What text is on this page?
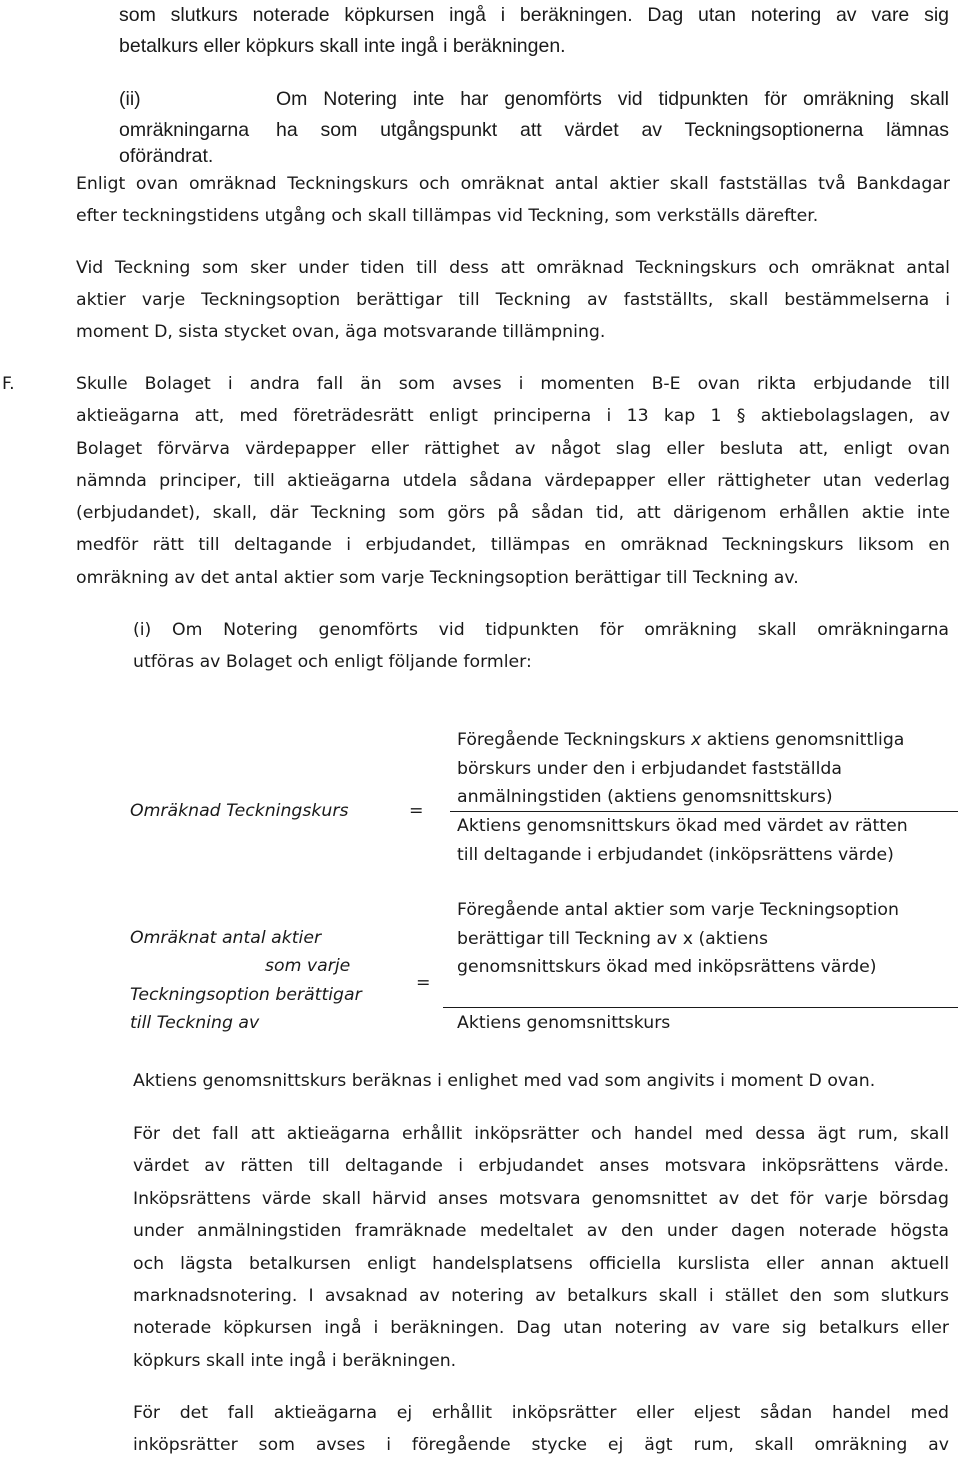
som slutkurs noterade köpkursen ingå i beräkningen. Dag utan notering av vare sig
betalkurs eller köpkurs skall inte ingå i beräkningen.
(ii)	Om Notering inte har genomförts vid tidpunkten för omräkning skall
omräkningarna ha som utgångspunkt att värdet av Teckningsoptionerna lämnas
oförändrat.
Enligt ovan omräknad Teckningskurs och omräknat antal aktier skall fastställas två Bankdagar
efter teckningstidens utgång och skall tillämpas vid Teckning, som verkställs därefter.
Vid Teckning som sker under tiden till dess att omräknad Teckningskurs och omräknat antal
aktier varje Teckningsoption berättigar till Teckning av fastställts, skall bestämmelserna i
moment D, sista stycket ovan, äga motsvarande tillämpning.
F.	Skulle Bolaget i andra fall än som avses i momenten B-E ovan rikta erbjudande till
aktieägarna att, med företrädesrätt enligt principerna i 13 kap 1 § aktiebolagslagen, av
Bolaget förvärva värdepapper eller rättighet av något slag eller besluta att, enligt ovan
nämnda principer, till aktieägarna utdela sådana värdepapper eller rättigheter utan vederlag
(erbjudandet), skall, där Teckning som görs på sådan tid, att därigenom erhållen aktie inte
medför rätt till deltagande i erbjudandet, tillämpas en omräknad Teckningskurs liksom en
omräkning av det antal aktier som varje Teckningsoption berättigar till Teckning av.
(i) Om Notering genomförts vid tidpunkten för omräkning skall omräkningarna
utföras av Bolaget och enligt följande formler:
Omräknad Teckningskurs	=
Föregående Teckningskurs x aktiens genomsnittliga
börskurs under den i erbjudandet fastställda
anmälningstiden (aktiens genomsnittskurs)
Aktiens genomsnittskurs ökad med värdet av rätten
till deltagande i erbjudandet (inköpsrättens värde)
Omräknat antal aktier
som varje
Teckningsoption berättigar
till Teckning av
=
Föregående antal aktier som varje Teckningsoption
berättigar till Teckning av x (aktiens
genomsnittskurs ökad med inköpsrättens värde)
Aktiens genomsnittskurs
Aktiens genomsnittskurs beräknas i enlighet med vad som angivits i moment D ovan.
För det fall att aktieägarna erhållit inköpsrätter och handel med dessa ägt rum, skall
värdet av rätten till deltagande i erbjudandet anses motsvara inköpsrättens värde.
Inköpsrättens värde skall härvid anses motsvara genomsnittet av det för varje börsdag
under anmälningstiden framräknade medeltalet av den under dagen noterade högsta
och lägsta betalkursen enligt handelsplatsens officiella kurslista eller annan aktuell
marknadsnotering. I avsaknad av notering av betalkurs skall i stället den som slutkurs
noterade köpkursen ingå i beräkningen. Dag utan notering av vare sig betalkurs eller
köpkurs skall inte ingå i beräkningen.
För det fall aktieägarna ej erhållit inköpsrätter eller eljest sådan handel med
inköpsrätter som avses i föregående stycke ej ägt rum, skall omräkning av
